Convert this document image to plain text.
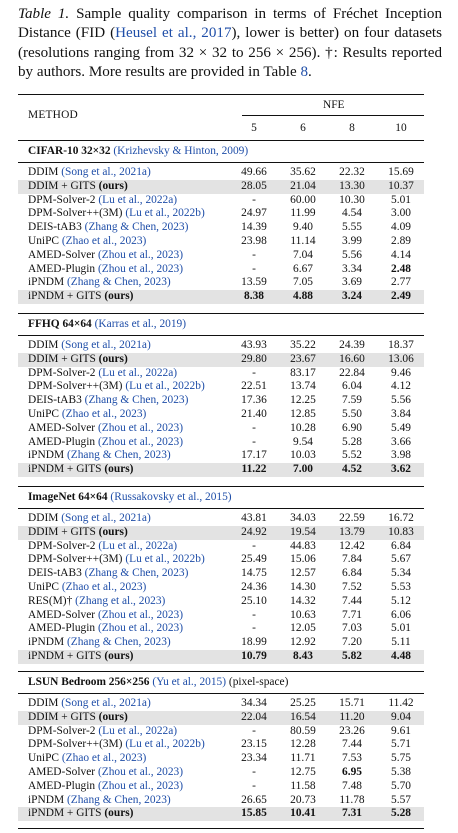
Table 1. Sample quality comparison in terms of Fréchet Inception Distance (FID (Heusel et al., 2017), lower is better) on four datasets (resolutions ranging from 32 × 32 to 256 × 256). †: Results reported by authors. More results are provided in Table 8.
METHOD
NFE
5	6	8	10
CIFAR-10 32×32 (Krizhevsky & Hinton, 2009)
DDIM (Song et al., 2021a)	49.66	35.62	22.32	15.69
DDIM + GITS (ours)	28.05	21.04	13.30	10.37
DPM-Solver-2 (Lu et al., 2022a)	-	60.00	10.30	5.01
DPM-Solver++(3M) (Lu et al., 2022b)	24.97	11.99	4.54	3.00
DEIS-tAB3 (Zhang & Chen, 2023)	14.39	9.40	5.55	4.09
UniPC (Zhao et al., 2023)	23.98	11.14	3.99	2.89
AMED-Solver (Zhou et al., 2023)	-	7.04	5.56	4.14
AMED-Plugin (Zhou et al., 2023)	-	6.67	3.34	2.48
iPNDM (Zhang & Chen, 2023)	13.59	7.05	3.69	2.77
iPNDM + GITS (ours)	8.38	4.88	3.24	2.49
FFHQ 64×64 (Karras et al., 2019)
DDIM (Song et al., 2021a)	43.93	35.22	24.39	18.37
DDIM + GITS (ours)	29.80	23.67	16.60	13.06
DPM-Solver-2 (Lu et al., 2022a)	-	83.17	22.84	9.46
DPM-Solver++(3M) (Lu et al., 2022b)	22.51	13.74	6.04	4.12
DEIS-tAB3 (Zhang & Chen, 2023)	17.36	12.25	7.59	5.56
UniPC (Zhao et al., 2023)	21.40	12.85	5.50	3.84
AMED-Solver (Zhou et al., 2023)	-	10.28	6.90	5.49
AMED-Plugin (Zhou et al., 2023)	-	9.54	5.28	3.66
iPNDM (Zhang & Chen, 2023)	17.17	10.03	5.52	3.98
iPNDM + GITS (ours)	11.22	7.00	4.52	3.62
ImageNet 64×64 (Russakovsky et al., 2015)
DDIM (Song et al., 2021a)	43.81	34.03	22.59	16.72
DDIM + GITS (ours)	24.92	19.54	13.79	10.83
DPM-Solver-2 (Lu et al., 2022a)	-	44.83	12.42	6.84
DPM-Solver++(3M) (Lu et al., 2022b)	25.49	15.06	7.84	5.67
DEIS-tAB3 (Zhang & Chen, 2023)	14.75	12.57	6.84	5.34
UniPC (Zhao et al., 2023)	24.36	14.30	7.52	5.53
RES(M)† (Zhang et al., 2023)	25.10	14.32	7.44	5.12
AMED-Solver (Zhou et al., 2023)	-	10.63	7.71	6.06
AMED-Plugin (Zhou et al., 2023)	-	12.05	7.03	5.01
iPNDM (Zhang & Chen, 2023)	18.99	12.92	7.20	5.11
iPNDM + GITS (ours)	10.79	8.43	5.82	4.48
LSUN Bedroom 256×256 (Yu et al., 2015) (pixel-space)
DDIM (Song et al., 2021a)	34.34	25.25	15.71	11.42
DDIM + GITS (ours)	22.04	16.54	11.20	9.04
DPM-Solver-2 (Lu et al., 2022a)	-	80.59	23.26	9.61
DPM-Solver++(3M) (Lu et al., 2022b)	23.15	12.28	7.44	5.71
UniPC (Zhao et al., 2023)	23.34	11.71	7.53	5.75
AMED-Solver (Zhou et al., 2023)	-	12.75	6.95	5.38
AMED-Plugin (Zhou et al., 2023)	-	11.58	7.48	5.70
iPNDM (Zhang & Chen, 2023)	26.65	20.73	11.78	5.57
iPNDM + GITS (ours)	15.85	10.41	7.31	5.28
